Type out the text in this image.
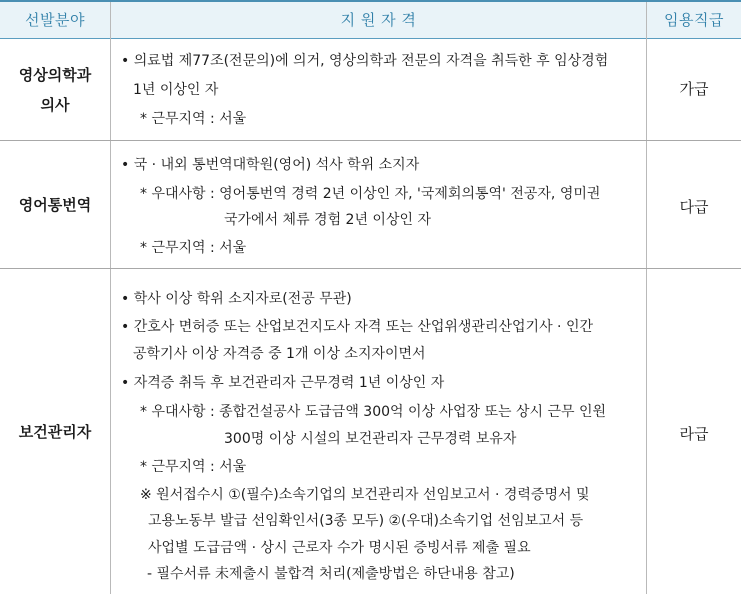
선발분야	지 원 자 격	임용직급
영상의학과
의사
• 의료법 제77조(전문의)에 의거, 영상의학과 전문의 자격을 취득한 후 임상경험
1년 이상인 자
* 근무지역 : 서울
가급
영어통번역
• 국 · 내외 통번역대학원(영어) 석사 학위 소지자
* 우대사항 : 영어통번역 경력 2년 이상인 자, '국제회의통역' 전공자, 영미권
국가에서 체류 경험 2년 이상인 자
* 근무지역 : 서울
다급
보건관리자
• 학사 이상 학위 소지자로(전공 무관)
• 간호사 면허증 또는 산업보건지도사 자격 또는 산업위생관리산업기사 · 인간
공학기사 이상 자격증 중 1개 이상 소지자이면서
• 자격증 취득 후 보건관리자 근무경력 1년 이상인 자
* 우대사항 : 종합건설공사 도급금액 300억 이상 사업장 또는 상시 근무 인원
300명 이상 시설의 보건관리자 근무경력 보유자
* 근무지역 : 서울
※ 원서접수시 ①(필수)소속기업의 보건관리자 선임보고서 · 경력증명서 및
고용노동부 발급 선임확인서(3종 모두) ②(우대)소속기업 선임보고서 등
사업별 도급금액 · 상시 근로자 수가 명시된 증빙서류 제출 필요
- 필수서류 未제출시 불합격 처리(제출방법은 하단내용 참고)
라급
